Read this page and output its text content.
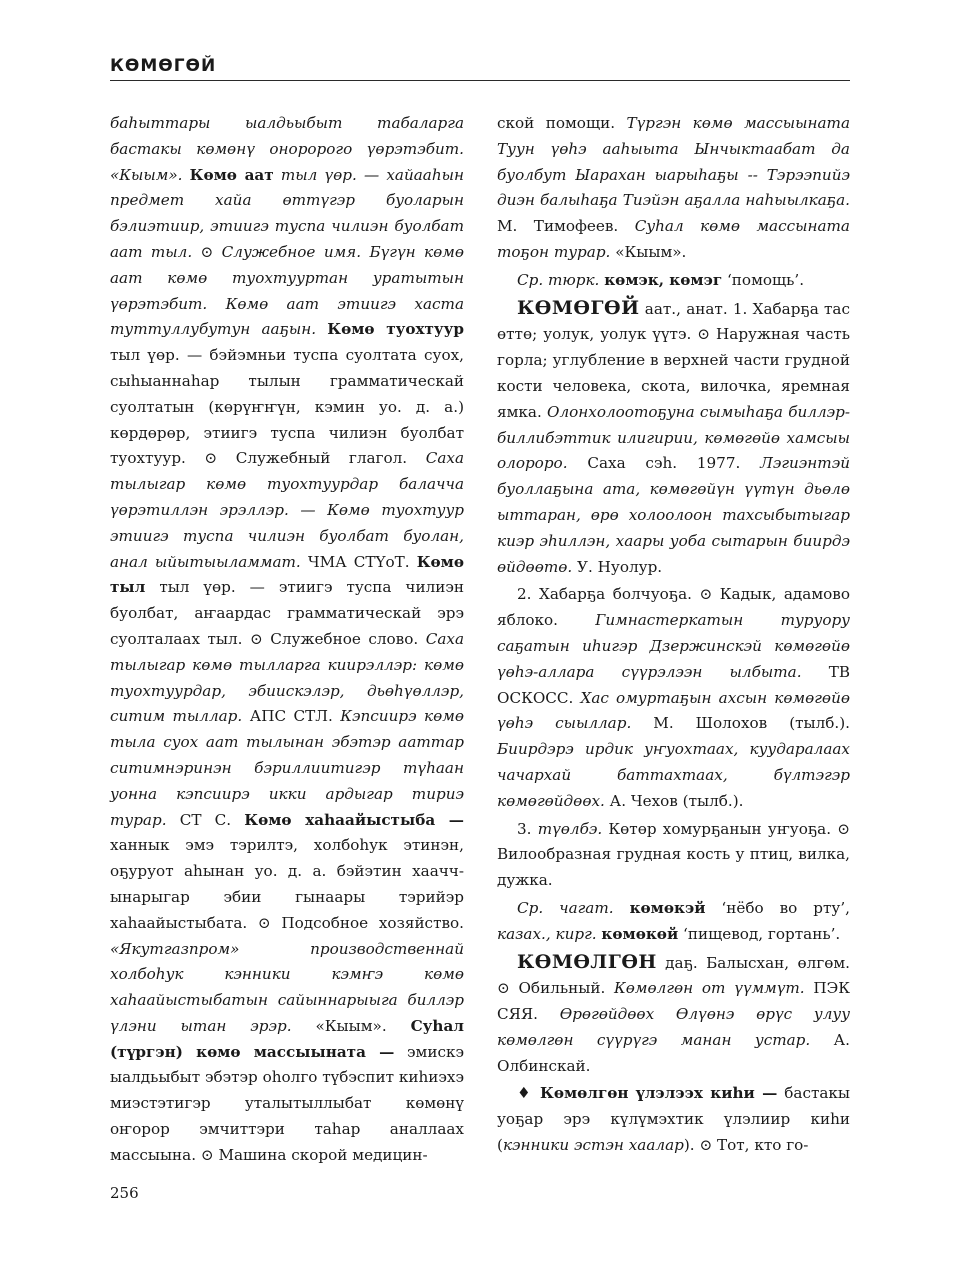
КӨМӨГӨЙ

баһыттары ыалдьыбыт табаларга бастакы көмөнү оноророго үөрэтэбит. «Кыым». Көмө аат тыл үөр. — хайааһын предмет хайа өттүгэр буоларын бэлиэтиир, этиигэ туспа чилиэн буолбат аат тыл. ⊙ Служебное имя. Бүгүн көмө аат көмө туохтууртан уратытын үөрэтэбит. Көмө аат этиигэ хаста туттуллубутун ааҕын. Көмө туохтуур тыл үөр. — бэйэмньи туспа суолтата суох, сыһыаннаһар тылын грамматическай суолтатын (көрүҥҥүн, кэмин уо. д. а.) көрдөрөр, этиигэ туспа чилиэн буолбат туохтуур. ⊙ Служебный глагол. Саха тылыгар көмө туохтуурдар балачча үөрэтиллэн эрэллэр. — Көмө туохтуур этиигэ туспа чилиэн буолбат буолан, анал ыйытыыламмат. ЧМА СТҮоТ. Көмө тыл тыл үөр. — этиигэ туспа чилиэн буолбат, аҥаардас грамматическай эрэ суолталаах тыл. ⊙ Служебное слово. Саха тылыгар көмө тылларга киирэллэр: көмө туохтуурдар, эбиискэлэр, дьөһүөллэр, ситим тыллар. АПС СТЛ. Кэпсиирэ көмө тыла суох аат тылынан эбэтэр ааттар ситимнэринэн бэриллиитигэр түһаан уонна кэпсиирэ икки ардыгар тириэ турар. СТ С. Көмө хаһаайыстыба — ханнык эмэ тэрилтэ, холбоһук этинэн, оҕуруот аһынан уо. д. а. бэйэтин хааччынарыгар эбии гынаары тэрийэр хаһаайыстыбата. ⊙ Подсобное хозяйство. «Якутгазпром» производственнай холбоһук кэнники кэмҥэ көмө хаһаайыстыбатын сайыннарыыга биллэр үлэни ытан эрэр. «Кыым». Суһал (түргэн) көмө массыыната — эмискэ ыалдьыбыт эбэтэр оһолго түбэспит киһиэхэ миэстэтигэр уталытыллыбат көмөнү оҥорор эмчиттэри таһар аналлаах массыына. ⊙ Машина скорой медицин-

ской помощи. Түргэн көмө массыыната Туун үөһэ ааһыыта Ынчыктаабат да буолбут Ыарахан ыарыһаҕы -- Тэрээпийэ диэн балыһаҕа Тиэйэн аҕалла наһыылкаҕа. М. Тимофеев. Суһал көмө массыната тоҕон турар. «Кыым».

Ср. тюрк. көмэк, көмэг ‘помощь’.

КӨМӨГӨЙ аат., анат. 1. Хабарҕа тас өттө; уолук, уолук үүтэ. ⊙ Наружная часть горла; углубление в верхней части грудной кости человека, скота, вилочка, яремная ямка. Олонхолоотоҕуна сымыһаҕа биллэр-биллибэттик илигирии, көмөгөйө хамсыы олороро. Саха сэһ. 1977. Лэгиэнтэй буоллаҕына ата, көмөгөйүн үүтүн дьөлө ыттаран, өрө холоолоон тахсыбытыгар киэр эһиллэн, хаары уоба сытарын биирдэ өйдөөтө. У. Нуолур.

2. Хабарҕа болчуоҕа. ⊙ Кадык, адамово яблоко. Гимнастеркатын туруору саҕатын иһигэр Дзержинскэй көмөгөйө үөһэ-аллара сүүрэлээн ылбыта. ТВ ОСКОСС. Хас омуртаҕын ахсын көмөгөйө үөһэ сыыллар. М. Шолохов (тылб.). Биирдэрэ ирдик уҥуохтаах, куударалаах чачархай баттахтаах, бүлтэгэр көмөгөйдөөх. А. Чехов (тылб.).

3. түөлбэ. Көтөр хомурҕанын уҥуоҕа. ⊙ Вилообразная грудная кость у птиц, вилка, дужка.

Ср. чагат. көмөкэй ‘нёбо во рту’, казах., кирг. көмөкөй ‘пищевод, гортань’.

КӨМӨЛГӨН даҕ. Балысхан, өлгөм. ⊙ Обильный. Көмөлгөн от үүммүт. ПЭК СЯЯ. Өрөгөйдөөх Өлүөнэ өрүс улуу көмөлгөн сүүрүгэ манан устар. А. Олбинскай.

♦ Көмөлгөн үлэлээх киһи — бастакы уоҕар эрэ күлүмэхтик үлэлиир киһи (кэнники эстэн хаалар). ⊙ Тот, кто го-

256
